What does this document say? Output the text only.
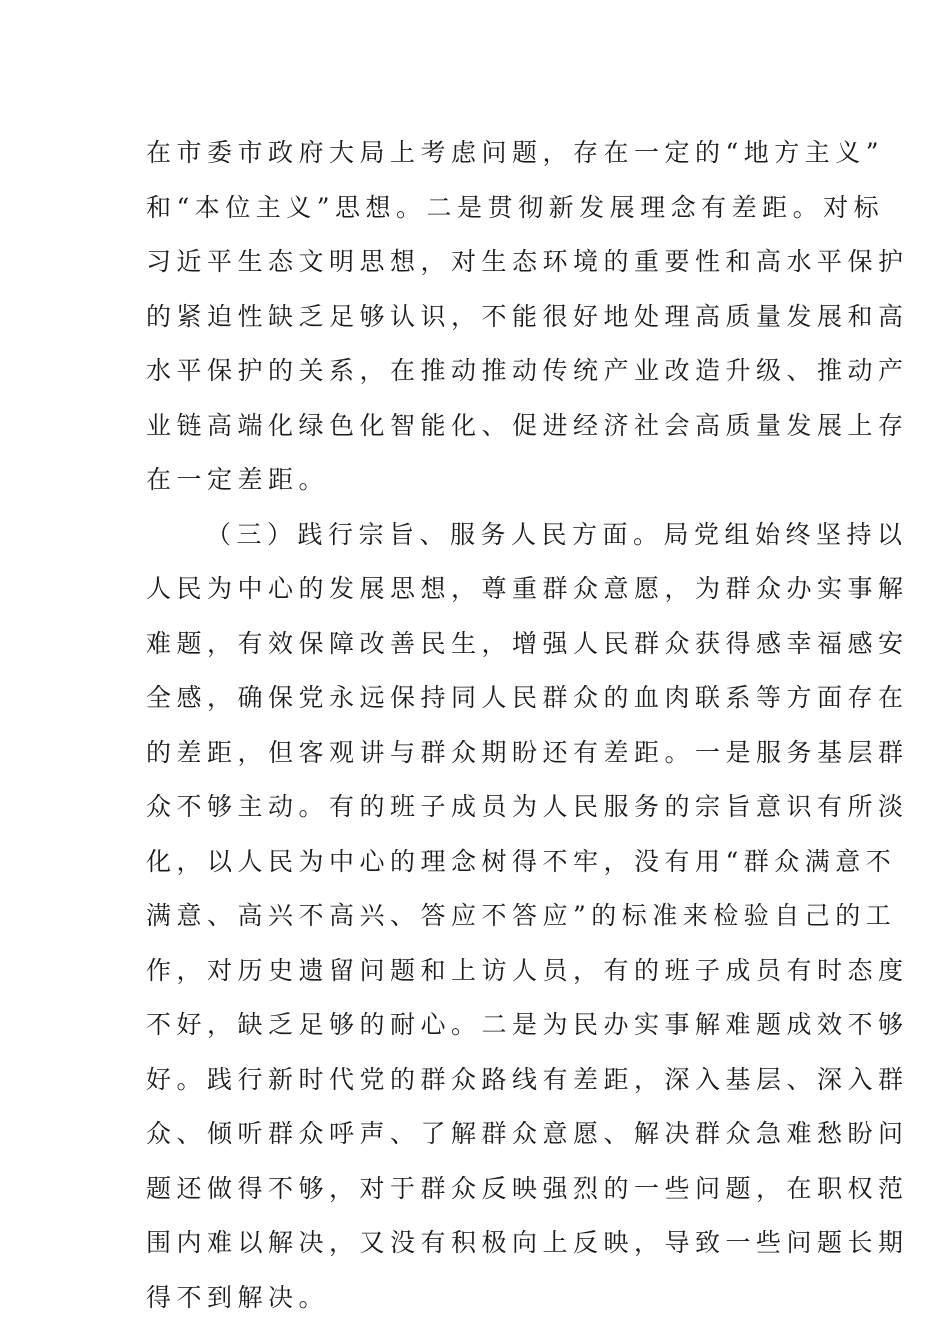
在市委市政府大局上考虑问题，存在一定的“地方主义”
和“本位主义”思想。二是贯彻新发展理念有差距。对标
习近平生态文明思想，对生态环境的重要性和高水平保护
的紧迫性缺乏足够认识，不能很好地处理高质量发展和高
水平保护的关系，在推动推动传统产业改造升级、推动产
业链高端化绿色化智能化、促进经济社会高质量发展上存
在一定差距。
（三）践行宗旨、服务人民方面。局党组始终坚持以
人民为中心的发展思想，尊重群众意愿，为群众办实事解
难题，有效保障改善民生，增强人民群众获得感幸福感安
全感，确保党永远保持同人民群众的血肉联系等方面存在
的差距，但客观讲与群众期盼还有差距。一是服务基层群
众不够主动。有的班子成员为人民服务的宗旨意识有所淡
化，以人民为中心的理念树得不牢，没有用“群众满意不
满意、高兴不高兴、答应不答应”的标准来检验自己的工
作，对历史遗留问题和上访人员，有的班子成员有时态度
不好，缺乏足够的耐心。二是为民办实事解难题成效不够
好。践行新时代党的群众路线有差距，深入基层、深入群
众、倾听群众呼声、了解群众意愿、解决群众急难愁盼问
题还做得不够，对于群众反映强烈的一些问题，在职权范
围内难以解决，又没有积极向上反映，导致一些问题长期
得不到解决。
